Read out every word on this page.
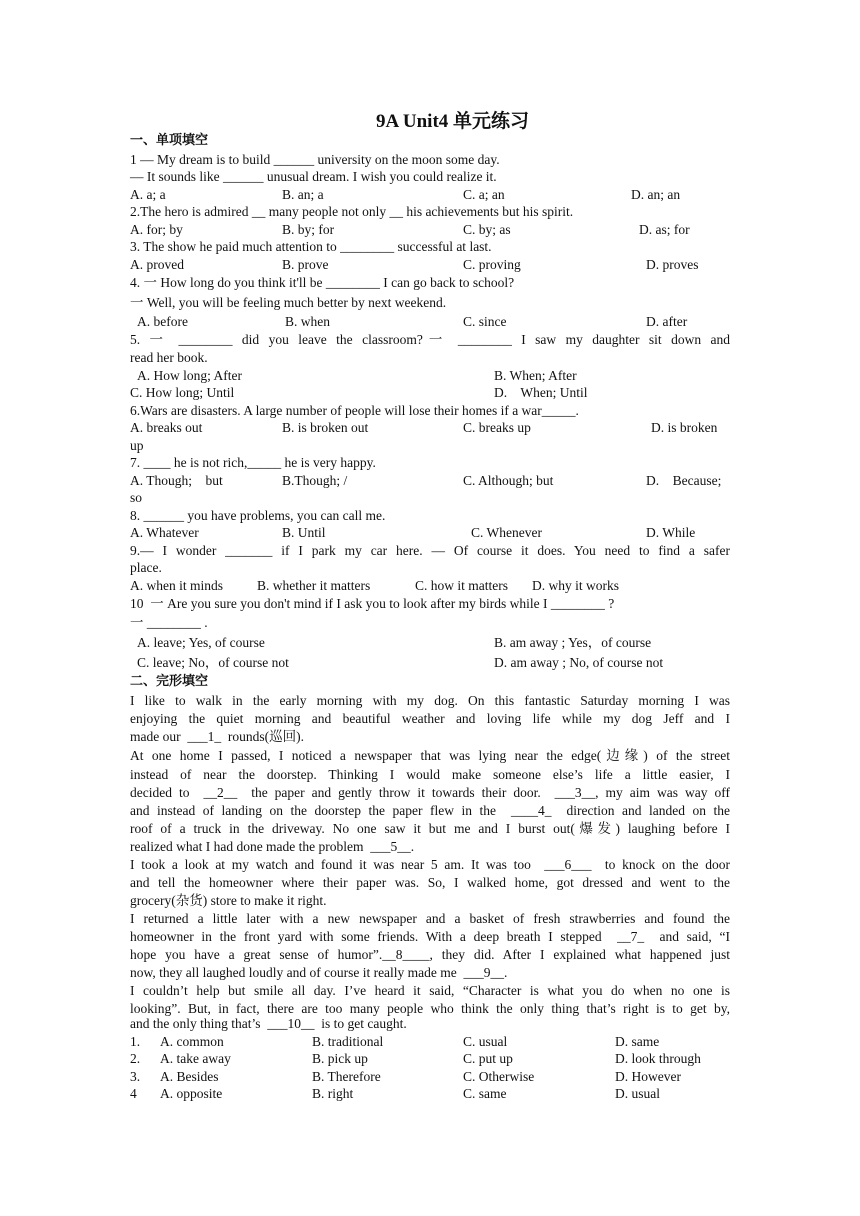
9A Unit4 单元练习
一、单项填空
1 — My dream is to build ______ university on the moon some day.
— It sounds like ______ unusual dream. I wish you could realize it.
A. a; a	B. an; a	C. a; an	D. an; an
2.The hero is admired __ many people not only __ his achievements but his spirit.
A. for; by	B. by; for	C. by; as	D. as; for
3. The show he paid much attention to ________ successful at last.
A. proved	B. prove	C. proving	D. proves
4. 一 How long do you think it'll be ________ I can go back to school?
一 Well, you will be feeling much better by next weekend.
A. before	B. when	C. since	D. after
5. 一 ________ did you leave the classroom?一 ________ I saw my daughter sit down and
read her book.
A. How long; After	B. When; After
C. How long; Until	D.    When; Until
6.Wars are disasters. A large number of people will lose their homes if a war_____.
A. breaks out	B. is broken out	C. breaks up	D. is broken
up
7. ____ he is not rich,_____ he is very happy.
A. Though;    but	B.Though; /	C. Although; but	D.    Because;
so
8. ______ you have problems, you can call me.
A. Whatever	B. Until	C. Whenever	D. While
9.— I wonder _______ if I park my car here. — Of course it does. You need to find a safer
place.
A. when it minds	B. whether it matters	C. how it matters D. why it works
10  一 Are you sure you don't mind if I ask you to look after my birds while I ________ ?
一 ________ .
A. leave; Yes, of course	B. am away ; Yes，of course
C. leave; No，of course not	D. am away ; No, of course not
二、完形填空
I like to walk in the early morning with my dog. On this fantastic Saturday morning I was
enjoying the quiet morning and beautiful weather and loving life while my dog Jeff and I
made our  ___1_  rounds(巡回).
At one home I passed, I noticed a newspaper that was lying near the edge(边缘) of the street
instead of near the doorstep. Thinking I would make someone else’s life a little easier, I
decided to  __2__  the paper and gently throw it towards their door.  ___3__, my aim was way off
and instead of landing on the doorstep the paper flew in the  ____4_  direction and landed on the
roof of a truck in the driveway. No one saw it but me and I burst out(爆发) laughing before I
realized what I had done made the problem  ___5__.
I took a look at my watch and found it was near 5 am. It was too  ___6___  to knock on the door
and tell the homeowner where their paper was. So, I walked home, got dressed and went to the
grocery(杂货) store to make it right.
I returned a little later with a new newspaper and a basket of fresh strawberries and found the
homeowner in the front yard with some friends. With a deep breath I stepped  __7_  and said, “I
hope you have a great sense of humor”.__8____, they did. After I explained what happened just
now, they all laughed loudly and of course it really made me  ___9__.
I couldn’t help but smile all day. I’ve heard it said, “Character is what you do when no one is
looking”. But, in fact, there are too many people who think the only thing that’s right is to get by,
and the only thing that’s  ___10__  is to get caught.
1. A. common	B. traditional	C. usual	D. same
2. A. take away	B. pick up	C. put up	D. look through
3. A. Besides	B. Therefore	C. Otherwise	D. However
4 A. opposite	B. right	C. same	D. usual
